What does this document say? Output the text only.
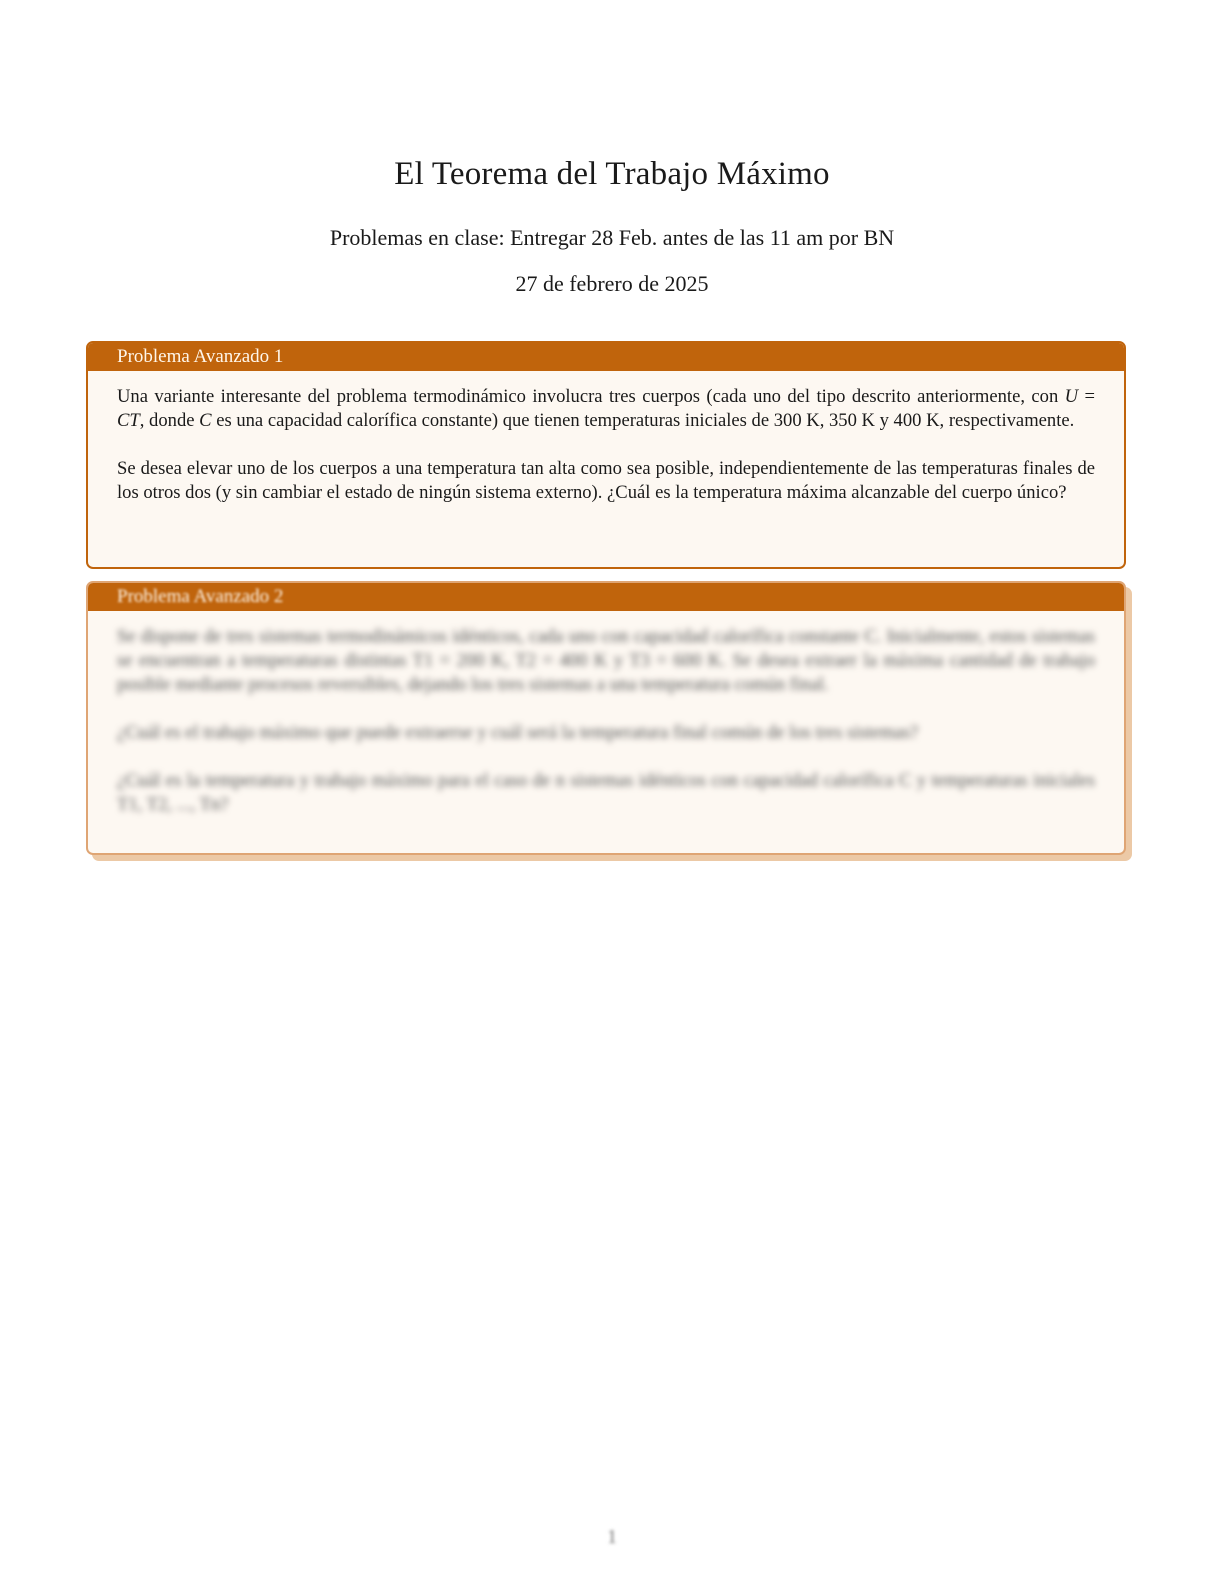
El Teorema del Trabajo Máximo
Problemas en clase: Entregar 28 Feb. antes de las 11 am por BN
27 de febrero de 2025
Problema Avanzado 1

Una variante interesante del problema termodinámico involucra tres cuerpos (cada uno del tipo descrito anteriormente, con U = CT, donde C es una capacidad calorífica constante) que tienen temperaturas iniciales de 300 K, 350 K y 400 K, respectivamente.

Se desea elevar uno de los cuerpos a una temperatura tan alta como sea posible, independientemente de las temperaturas finales de los otros dos (y sin cambiar el estado de ningún sistema externo). ¿Cuál es la temperatura máxima alcanzable del cuerpo único?

Problema Avanzado 2

Se dispone de tres sistemas termodinámicos idénticos, cada uno con capacidad calorífica constante C. Inicialmente, estos sistemas se encuentran a temperaturas distintas T1 = 200 K, T2 = 400 K y T3 = 600 K. Se desea extraer la máxima cantidad de trabajo posible mediante procesos reversibles, dejando los tres sistemas a una temperatura común final.

¿Cuál es el trabajo máximo que puede extraerse y cuál será la temperatura final común de los tres sistemas?

¿Cuál es la temperatura y trabajo máximo para el caso de n sistemas idénticos con capacidad calorífica C y temperaturas iniciales T1, T2, ..., Tn?

1
